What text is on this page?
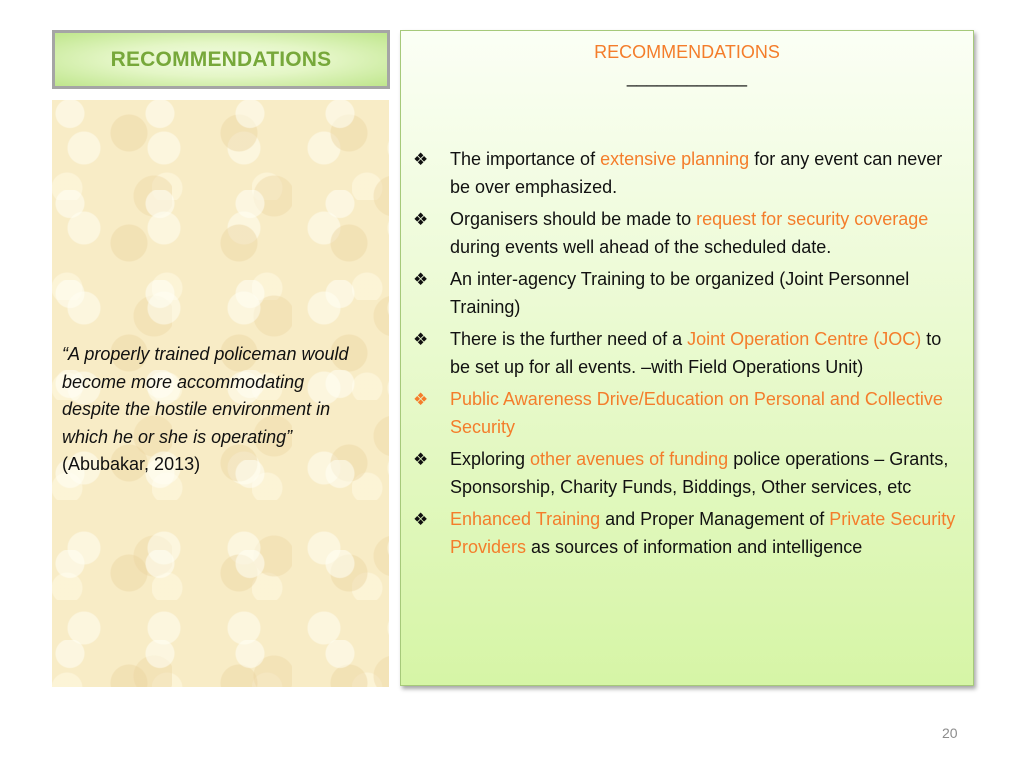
RECOMMENDATIONS
“A properly trained policeman would become more accommodating despite the hostile environment in which he or she is operating” (Abubakar, 2013)
RECOMMENDATIONS
____________
❖ The importance of extensive planning for any event can never be over emphasized.
❖ Organisers should be made to request for security coverage during events well ahead of the scheduled date.
❖ An inter-agency Training to be organized (Joint Personnel Training)
❖ There is the further need of a Joint Operation Centre (JOC) to be set up for all events. –with Field Operations Unit)
❖ Public Awareness Drive/Education on Personal and Collective Security
❖ Exploring other avenues of funding police operations – Grants, Sponsorship, Charity Funds, Biddings, Other services, etc
❖ Enhanced Training and Proper Management of Private Security Providers as sources of information and intelligence
20
